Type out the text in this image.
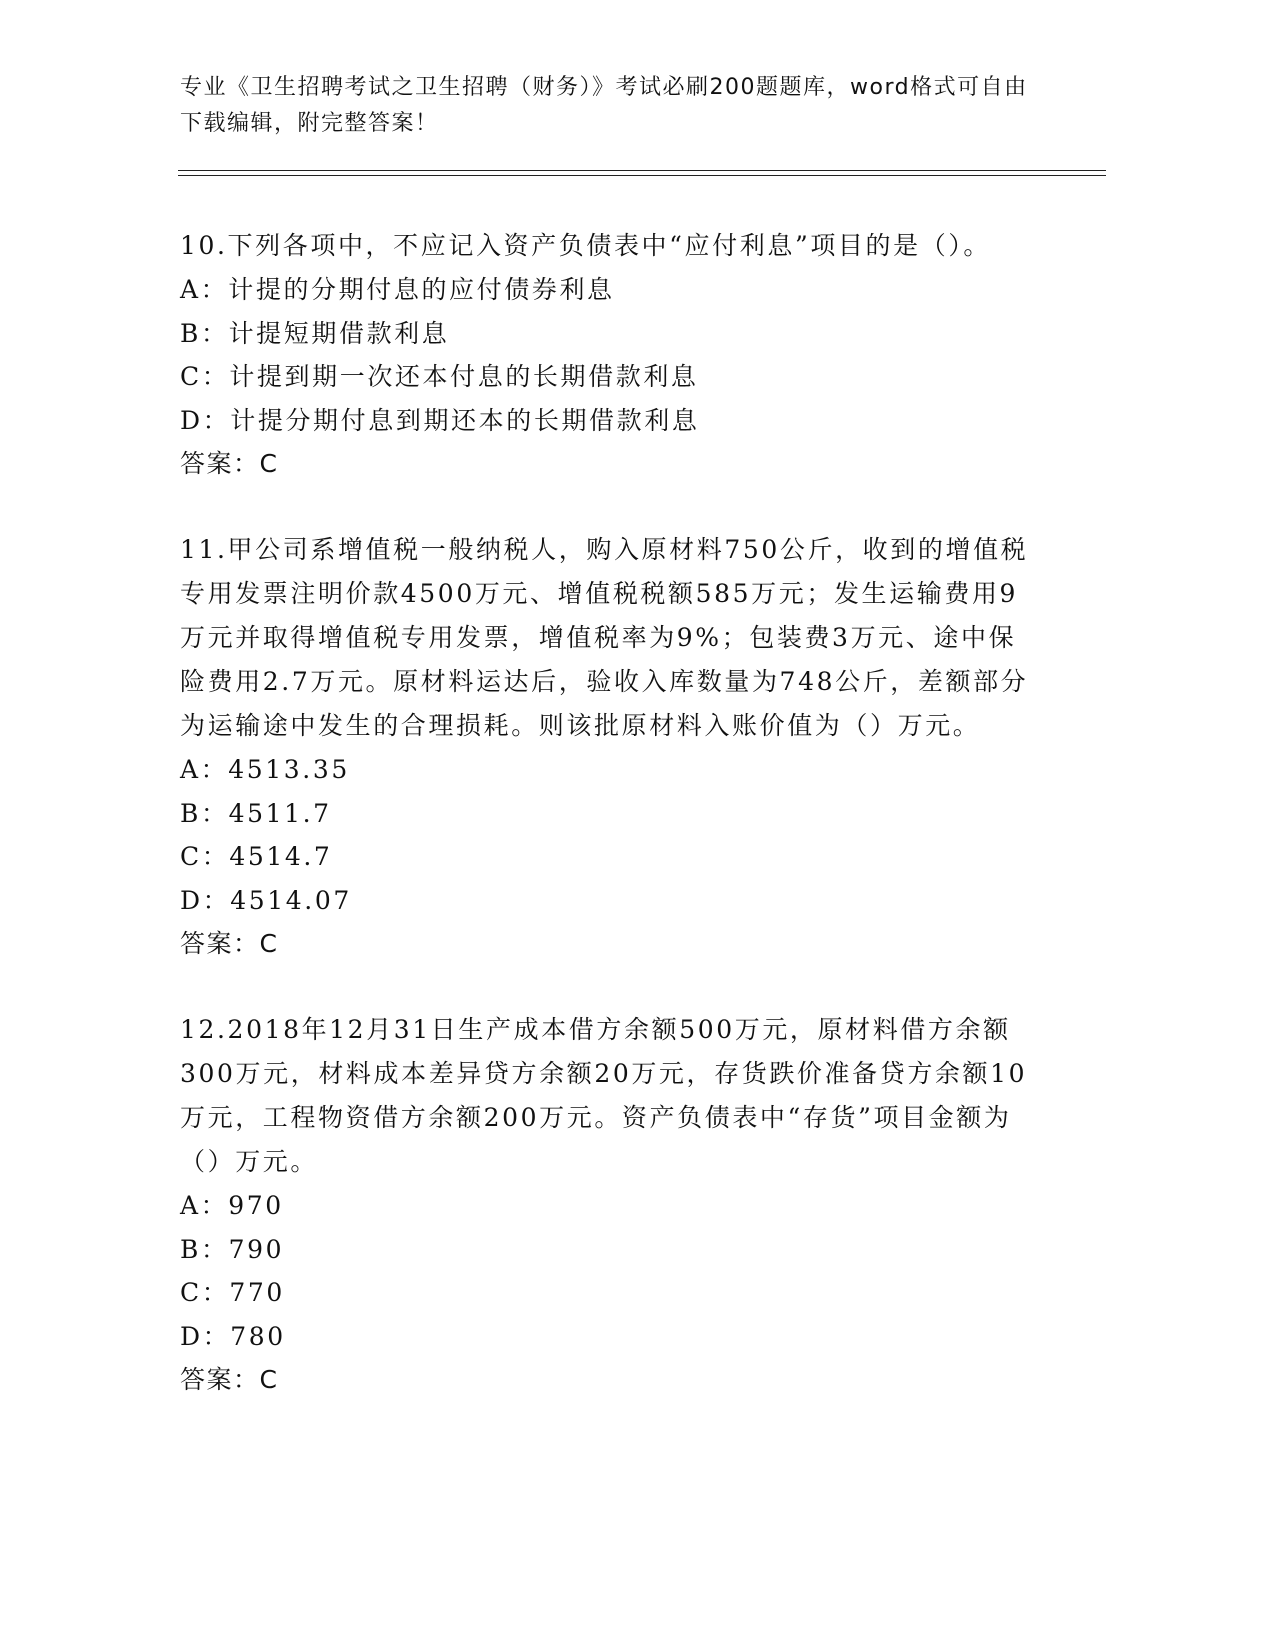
专业《卫生招聘考试之卫生招聘（财务）》考试必刷200题题库，word格式可自由下载编辑，附完整答案！
10.下列各项中，不应记入资产负债表中“应付利息”项目的是（）。
A：计提的分期付息的应付债券利息
B：计提短期借款利息
C：计提到期一次还本付息的长期借款利息
D：计提分期付息到期还本的长期借款利息
答案：C
11.甲公司系增值税一般纳税人，购入原材料750公斤，收到的增值税专用发票注明价款4500万元、增值税税额585万元；发生运输费用9万元并取得增值税专用发票，增值税率为9%；包装费3万元、途中保险费用2.7万元。原材料运达后，验收入库数量为748公斤，差额部分为运输途中发生的合理损耗。则该批原材料入账价值为（）万元。
A：4513.35
B：4511.7
C：4514.7
D：4514.07
答案：C
12.2018年12月31日生产成本借方余额500万元，原材料借方余额300万元，材料成本差异贷方余额20万元，存货跌价准备贷方余额10万元，工程物资借方余额200万元。资产负债表中“存货”项目金额为（）万元。
A：970
B：790
C：770
D：780
答案：C
